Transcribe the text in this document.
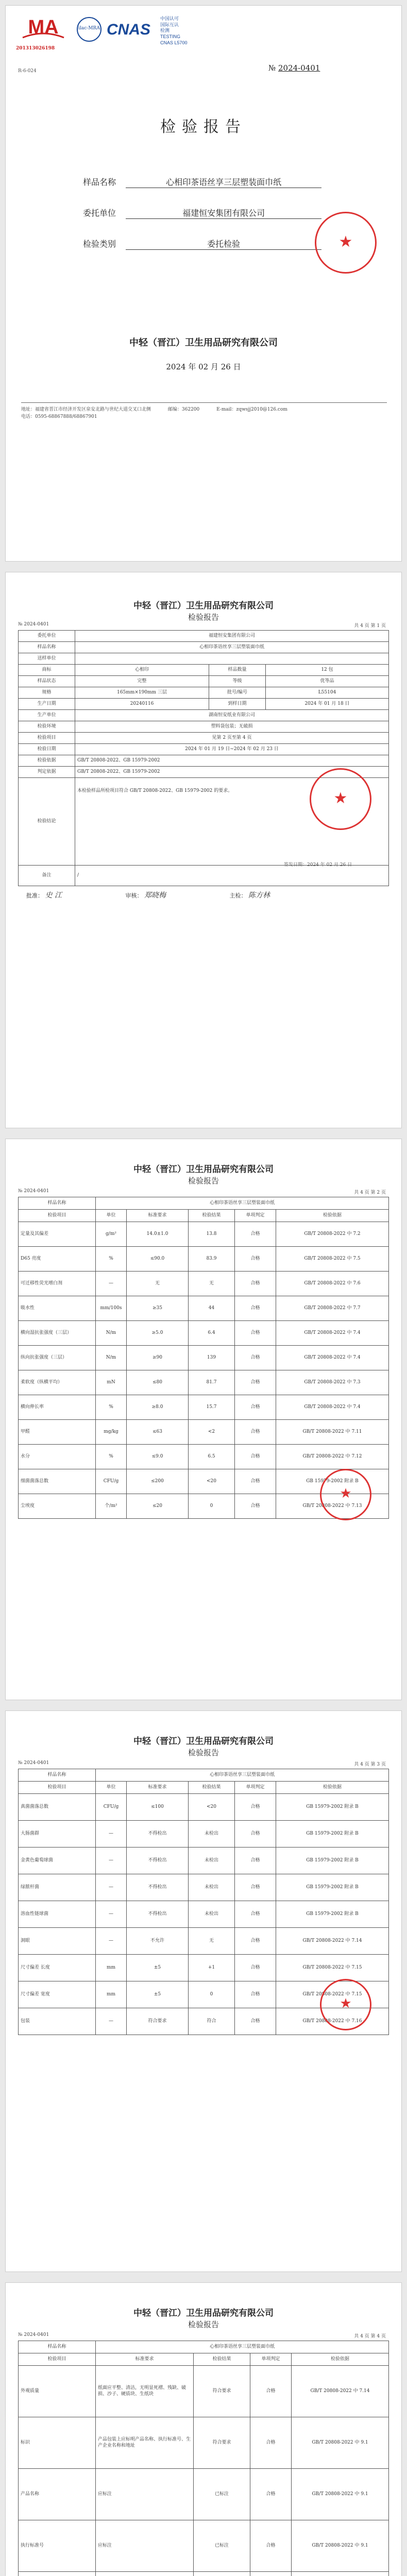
MA
201313026198
ilac-MRA CNAS
中国认可
国际互认
检测
TESTING
CNAS L5700
R-6-024	№ 2024-0401
检验报告
样品名称	心相印茶语丝享三层塑装面巾纸
委托单位	福建恒安集团有限公司
检验类别	委托检验	★
中轻（晋江）卫生用品研究有限公司
2024 年 02 月 26 日
地址：福建省晋江市经济开发区泉安北路与世纪大道交叉口北侧	邮编：362200	E-mail：zqwsjj2010@126.com
电话：0595-68867888/68867901
№ 2024-0401	共 4 页 第 1 页
中轻（晋江）卫生用品研究有限公司
检验报告
委托单位	福建恒安集团有限公司		
样品名称	心相印茶语丝享三层塑装面巾纸		
送样单位			
商标	心相印	样品数量	12 包
样品状态	完整	等级	优等品
规格	165mm×190mm 三层	批号/编号	L55104
生产日期	20240116	到样日期	2024 年 01 月 18 日
生产单位	湖南恒安纸业有限公司		
检验环境	塑料袋包装；无破损		
检验项目	见第 2 页至第 4 页		
检验日期	2024 年 01 月 19 日~2024 年 02 月 23 日		
检验依据	GB/T 20808-2022、GB 15979-2002		
判定依据	GB/T 20808-2022、GB 15979-2002		
检验结论	本检验样品所检项目符合 GB/T 20808-2022、GB 15979-2002 的要求。		
备注	/		
★
签发日期：2024 年 02 月 26 日
批准： 史 江	审核： 郑晓梅	主检： 陈方林
中轻（晋江）卫生用品研究有限公司
检验报告
№ 2024-0401	共 4 页 第 2 页
样品名称	心相印茶语丝享三层塑装面巾纸				
检验项目	单位	标准要求	检验结果	单项判定	检验依据
定量及其偏差	g/m²	14.0±1.0	13.8	合格	GB/T 20808-2022 中 7.2
D65 亮度	%	≤90.0	83.9	合格	GB/T 20808-2022 中 7.5
可迁移性荧光增白剂	—	无	无	合格	GB/T 20808-2022 中 7.6
吸水性	mm/100s	≥35	44	合格	GB/T 20808-2022 中 7.7
横向湿抗张强度（三层）	N/m	≥5.0	6.4	合格	GB/T 20808-2022 中 7.4
纵向抗张强度（三层）	N/m	≥90	139	合格	GB/T 20808-2022 中 7.4
柔软度（纵横平均）	mN	≤80	81.7	合格	GB/T 20808-2022 中 7.3
横向伸长率	%	≥8.0	15.7	合格	GB/T 20808-2022 中 7.4
甲醛	mg/kg	≤63	<2	合格	GB/T 20808-2022 中 7.11
水分	%	≤9.0	6.5	合格	GB/T 20808-2022 中 7.12
细菌菌落总数	CFU/g	≤200	<20	合格	GB 15979-2002 附录 B
尘埃度	个/m²	≤20	0	合格	GB/T 20808-2022 中 7.13
★
中轻（晋江）卫生用品研究有限公司
检验报告
№ 2024-0401	共 4 页 第 3 页
样品名称	心相印茶语丝享三层塑装面巾纸				
检验项目	单位	标准要求	检验结果	单项判定	检验依据
真菌菌落总数	CFU/g	≤100	<20	合格	GB 15979-2002 附录 B
大肠菌群	—	不得检出	未检出	合格	GB 15979-2002 附录 B
金黄色葡萄球菌	—	不得检出	未检出	合格	GB 15979-2002 附录 B
绿脓杆菌	—	不得检出	未检出	合格	GB 15979-2002 附录 B
溶血性链球菌	—	不得检出	未检出	合格	GB 15979-2002 附录 B
洞眼	—	不允许	无	合格	GB/T 20808-2022 中 7.14
尺寸偏差 长度	mm	±5	+1	合格	GB/T 20808-2022 中 7.15
尺寸偏差 宽度	mm	±5	0	合格	GB/T 20808-2022 中 7.15
包装	—	符合要求	符合	合格	GB/T 20808-2022 中 7.16
★
中轻（晋江）卫生用品研究有限公司
检验报告
№ 2024-0401	共 4 页 第 4 页
样品名称	心相印茶语丝享三层塑装面巾纸			
检验项目	标准要求	检验结果	单项判定	检验依据
外观质量	纸面应平整、清洁，无明显死褶、残缺、破损、沙子、硬质块、生纸块	符合要求	合格	GB/T 20808-2022 中 7.14
标识	产品包装上应标明产品名称、执行标准号、生产企业名称和地址	符合要求	合格	GB/T 20808-2022 中 9.1
产品名称	应标注	已标注	合格	GB/T 20808-2022 中 9.1
执行标准号	应标注	已标注	合格	GB/T 20808-2022 中 9.1
